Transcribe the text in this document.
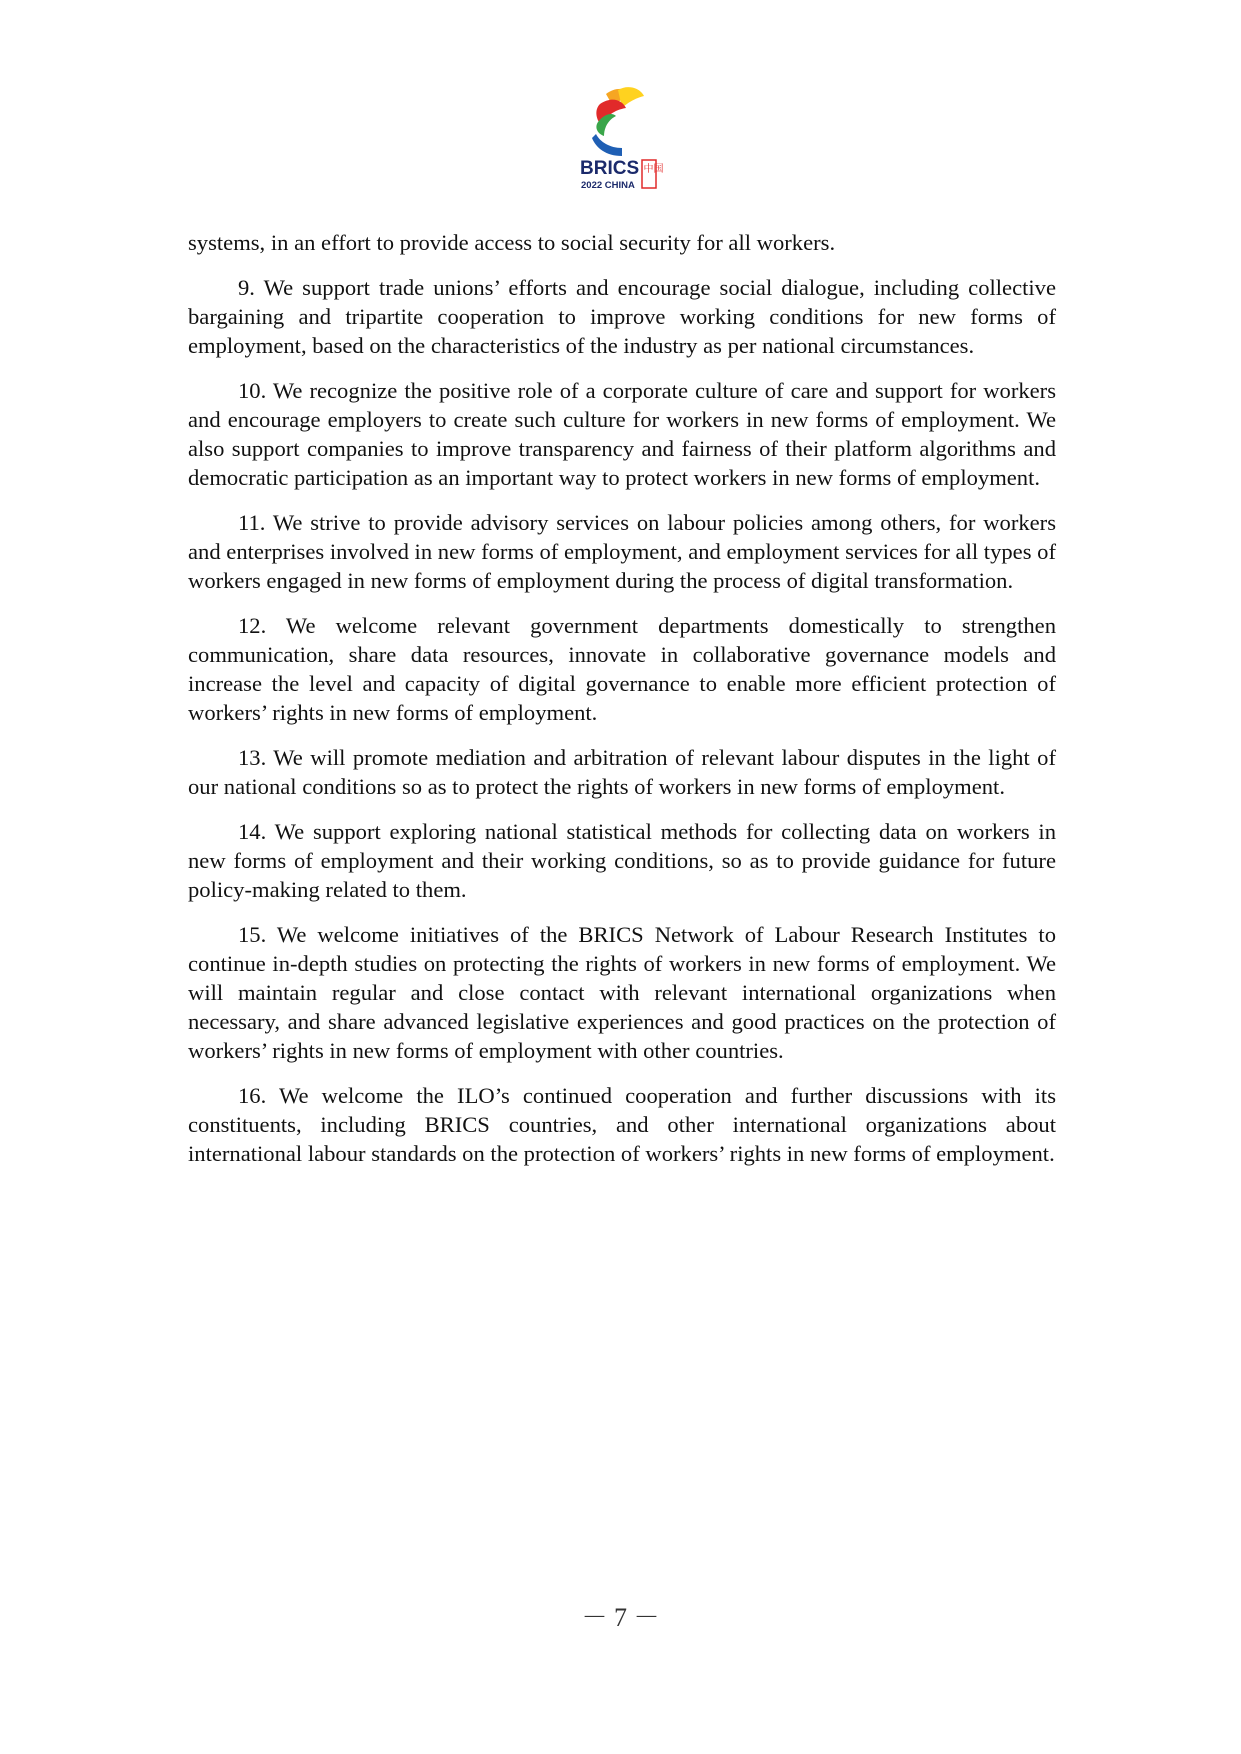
BRICS
2022 CHINA
中国

systems, in an effort to provide access to social security for all workers.

9. We support trade unions’ efforts and encourage social dialogue, including collective bargaining and tripartite cooperation to improve working conditions for new forms of employment, based on the characteristics of the industry as per national circumstances.

10. We recognize the positive role of a corporate culture of care and support for workers and encourage employers to create such culture for workers in new forms of employment. We also support companies to improve transparency and fairness of their platform algorithms and democratic participation as an important way to protect workers in new forms of employment.

11. We strive to provide advisory services on labour policies among others, for workers and enterprises involved in new forms of employment, and employment services for all types of workers engaged in new forms of employment during the process of digital transformation.

12. We welcome relevant government departments domestically to strengthen communication, share data resources, innovate in collaborative governance models and increase the level and capacity of digital governance to enable more efficient protection of workers’ rights in new forms of employment.

13. We will promote mediation and arbitration of relevant labour disputes in the light of our national conditions so as to protect the rights of workers in new forms of employment.

14. We support exploring national statistical methods for collecting data on workers in new forms of employment and their working conditions, so as to provide guidance for future policy-making related to them.

15. We welcome initiatives of the BRICS Network of Labour Research Institutes to continue in-depth studies on protecting the rights of workers in new forms of employment. We will maintain regular and close contact with relevant international organizations when necessary, and share advanced legislative experiences and good practices on the protection of workers’ rights in new forms of employment with other countries.

16. We welcome the ILO’s continued cooperation and further discussions with its constituents, including BRICS countries, and other international organizations about international labour standards on the protection of workers’ rights in new forms of employment.

－ 7 －
